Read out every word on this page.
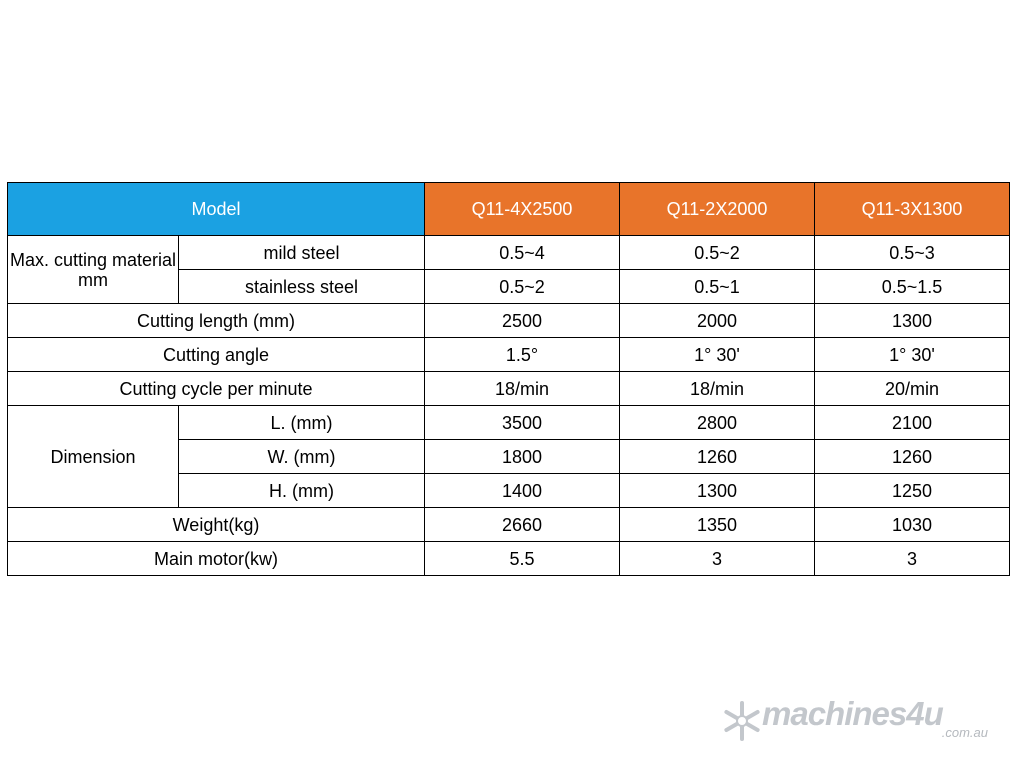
Model		Q11-4X2500	Q11-2X2000	Q11-3X1300
Max. cutting material mm	mild steel	0.5~4	0.5~2	0.5~3
	stainless steel	0.5~2	0.5~1	0.5~1.5
Cutting length (mm)		2500	2000	1300
Cutting angle		1.5°	1° 30'	1° 30'
Cutting cycle per minute		18/min	18/min	20/min
Dimension	L. (mm)	3500	2800	2100
	W. (mm)	1800	1260	1260
	H. (mm)	1400	1300	1250
Weight(kg)		2660	1350	1030
Main motor(kw)		5.5	3	3
machines4u
.com.au
